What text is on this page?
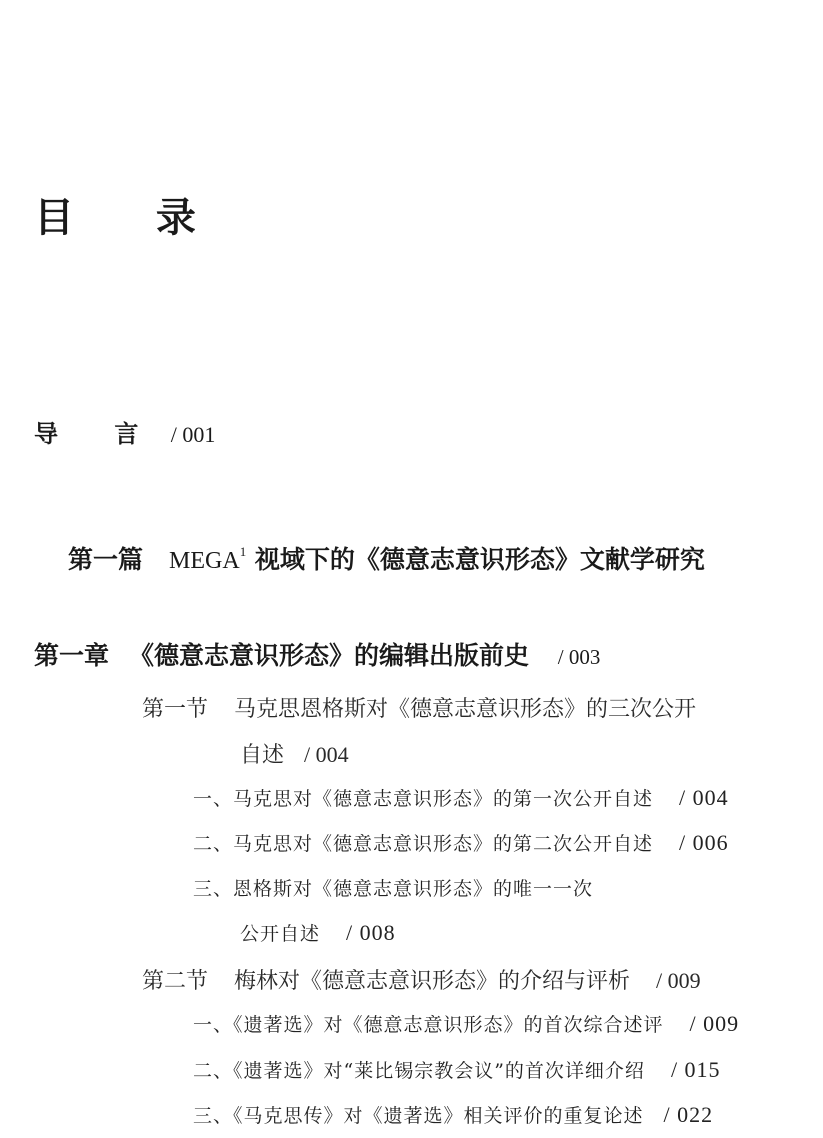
目 录
导 言 / 001
第一篇 MEGA$^1$ 视域下的《德意志意识形态》文献学研究
第一章 《德意志意识形态》的编辑出版前史 / 003
第一节 马克思恩格斯对《德意志意识形态》的三次公开
自述 / 004
一、马克思对《德意志意识形态》的第一次公开自述 / 004
二、马克思对《德意志意识形态》的第二次公开自述 / 006
三、恩格斯对《德意志意识形态》的唯一一次
公开自述 / 008
第二节 梅林对《德意志意识形态》的介绍与评析 / 009
一、《遗著选》对《德意志意识形态》的首次综合述评 / 009
二、《遗著选》对“莱比锡宗教会议”的首次详细介绍 / 015
三、《马克思传》对《遗著选》相关评价的重复论述 / 022
